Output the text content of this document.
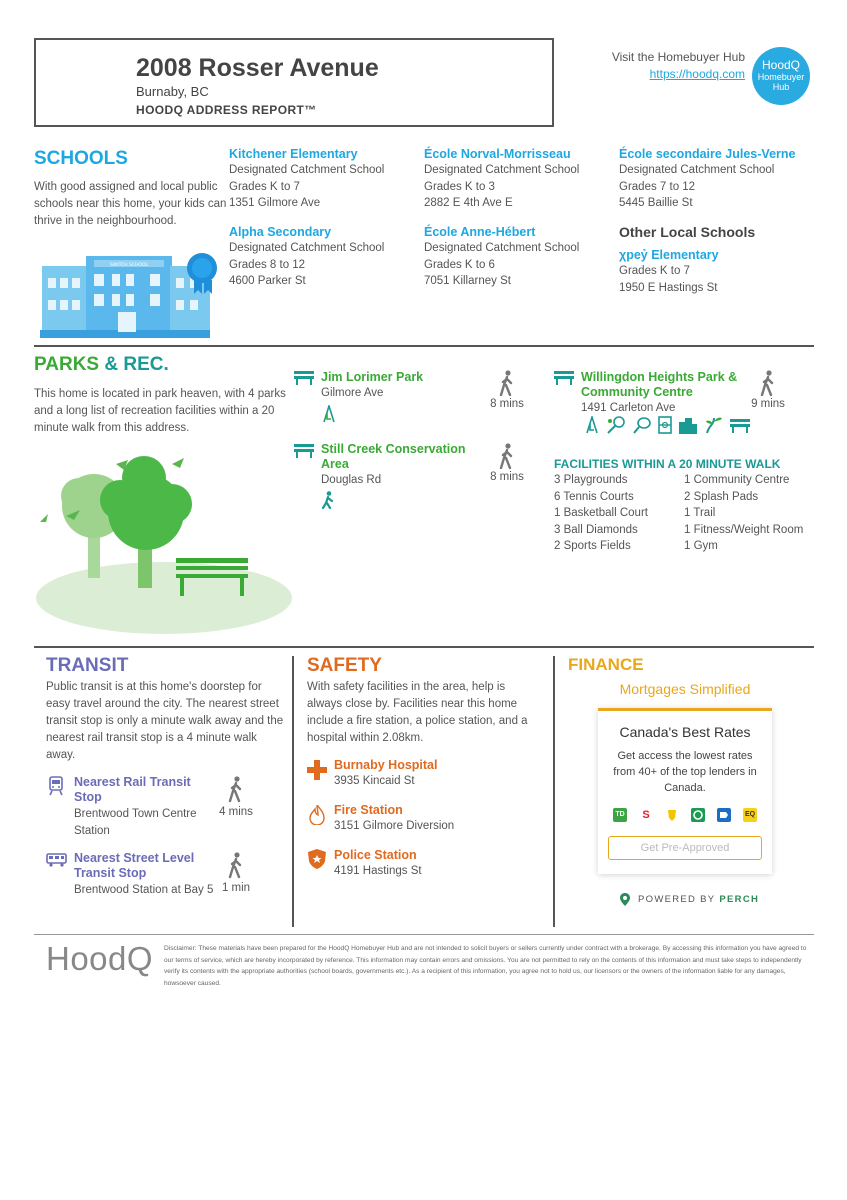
2008 Rosser Avenue
Burnaby, BC
HOODQ ADDRESS REPORT™
Visit the Homebuyer Hub
https://hoodq.com
HoodQ
Homebuyer
Hub
SCHOOLS
With good assigned and local public schools near this home, your kids can thrive in the neighbourhood.
SWITCH SCHOOL
Kitchener Elementary
Designated Catchment School
Grades K to 7
1351 Gilmore Ave
École Norval-Morrisseau
Designated Catchment School
Grades K to 3
2882 E 4th Ave E
École secondaire Jules-Verne
Designated Catchment School
Grades 7 to 12
5445 Baillie St
Alpha Secondary
Designated Catchment School
Grades 8 to 12
4600 Parker St
École Anne-Hébert
Designated Catchment School
Grades K to 6
7051 Killarney St
Other Local Schools
χpeỷ Elementary
Grades K to 7
1950 E Hastings St
PARKS & REC.
This home is located in park heaven, with 4 parks and a long list of recreation facilities within a 20 minute walk from this address.
Jim Lorimer Park
Gilmore Ave
8 mins
Still Creek Conservation Area
Douglas Rd	8 mins
Willingdon Heights Park & Community Centre
1491 Carleton Ave	9 mins
FACILITIES WITHIN A 20 MINUTE WALK
3 Playgrounds	1 Community Centre
6 Tennis Courts	2 Splash Pads
1 Basketball Court	1 Trail
3 Ball Diamonds	1 Fitness/Weight Room
2 Sports Fields	1 Gym
TRANSIT
Public transit is at this home's doorstep for easy travel around the city. The nearest street transit stop is only a minute walk away and the nearest rail transit stop is a 4 minute walk away.
Nearest Rail Transit Stop
Brentwood Town Centre Station
4 mins
Nearest Street Level Transit Stop
Brentwood Station at Bay 5 1 min
SAFETY
With safety facilities in the area, help is always close by. Facilities near this home include a fire station, a police station, and a hospital within 2.08km.
Burnaby Hospital
3935 Kincaid St
Fire Station
3151 Gilmore Diversion
Police Station
4191 Hastings St
FINANCE
Mortgages Simplified
Canada's Best Rates
Get access the lowest rates from 40+ of the top lenders in Canada.
TD	S	EQ
Get Pre-Approved
POWERED BY PERCH
HoodQ Disclaimer: These materials have been prepared for the HoodQ Homebuyer Hub and are not intended to solicit buyers or sellers currently under contract with a brokerage. By accessing this information you have agreed to our terms of service, which are hereby incorporated by reference. This information may contain errors and omissions. You are not permitted to rely on the contents of this information and must take steps to independently verify its contents with the appropriate authorities (school boards, governments etc.). As a recipient of this information, you agree not to hold us, our licensors or the owners of the information liable for any damages, howsoever caused.
